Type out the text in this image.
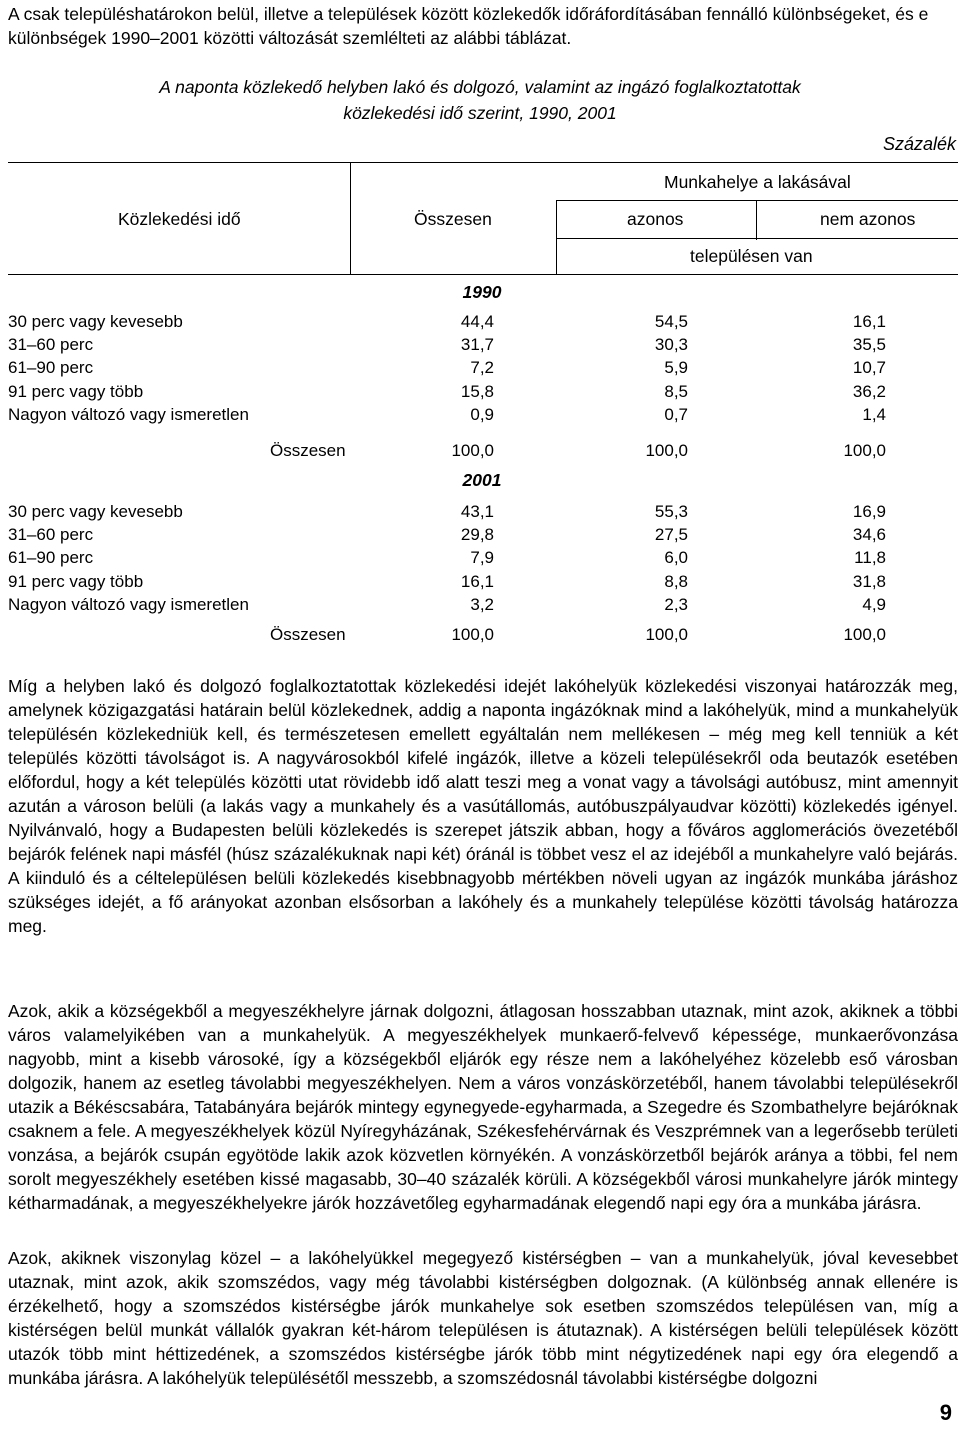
A csak településhatárokon belül, illetve a települések között közlekedők időráfordításában fennálló különbségeket, és e különbségek 1990–2001 közötti változását szemlélteti az alábbi táblázat.
A naponta közlekedő helyben lakó és dolgozó, valamint az ingázó foglalkoztatottak
közlekedési idő szerint, 1990, 2001
Százalék
Közlekedési idő	Összesen
Munkahelye a lakásával
azonos	nem azonos
településen van
1990
30 perc vagy kevesebb	44,4	54,5	16,1
31–60 perc	31,7	30,3	35,5
61–90 perc	7,2	5,9	10,7
91 perc vagy több	15,8	8,5	36,2
Nagyon változó vagy ismeretlen	0,9	0,7	1,4
Összesen	100,0	100,0	100,0
2001
30 perc vagy kevesebb	43,1	55,3	16,9
31–60 perc	29,8	27,5	34,6
61–90 perc	7,9	6,0	11,8
91 perc vagy több	16,1	8,8	31,8
Nagyon változó vagy ismeretlen	3,2	2,3	4,9
Összesen	100,0	100,0	100,0

Míg a helyben lakó és dolgozó foglalkoztatottak közlekedési idejét lakóhelyük közlekedési viszonyai határozzák meg, amelynek közigazgatási határain belül közlekednek, addig a naponta ingázóknak mind a lakóhelyük, mind a munkahelyük településén közlekedniük kell, és természetesen emellett egyáltalán nem mellékesen – még meg kell tenniük a két település közötti távolságot is. A nagyvárosokból kifelé ingázók, illetve a közeli településekről oda beutazók esetében előfordul, hogy a két település közötti utat rövidebb idő alatt teszi meg a vonat vagy a távolsági autóbusz, mint amennyit azután a városon belüli (a lakás vagy a munkahely és a vasútállomás, autóbuszpályaudvar közötti) közlekedés igényel. Nyilvánvaló, hogy a Budapesten belüli közlekedés is szerepet játszik abban, hogy a főváros agglomerációs övezetéből bejárók felének napi másfél (húsz százalékuknak napi két) óránál is többet vesz el az idejéből a munkahelyre való bejárás. A kiinduló és a céltelepülésen belüli közlekedés kisebbnagyobb mértékben növeli ugyan az ingázók munkába járáshoz szükséges idejét, a fő arányokat azonban elsősorban a lakóhely és a munkahely települése közötti távolság határozza meg.

Azok, akik a községekből a megyeszékhelyre járnak dolgozni, átlagosan hosszabban utaznak, mint azok, akiknek a többi város valamelyikében van a munkahelyük. A megyeszékhelyek munkaerő-felvevő képessége, munkaerővonzása nagyobb, mint a kisebb városoké, így a községekből eljárók egy része nem a lakóhelyéhez közelebb eső városban dolgozik, hanem az esetleg távolabbi megyeszékhelyen. Nem a város vonzáskörzetéből, hanem távolabbi településekről utazik a Békéscsabára, Tatabányára bejárók mintegy egynegyede-egyharmada, a Szegedre és Szombathelyre bejáróknak csaknem a fele. A megyeszékhelyek közül Nyíregyházának, Székesfehérvárnak és Veszprémnek van a legerősebb területi vonzása, a bejárók csupán egyötöde lakik azok közvetlen környékén. A vonzáskörzetből bejárók aránya a többi, fel nem sorolt megyeszékhely esetében kissé magasabb, 30–40 százalék körüli. A községekből városi munkahelyre járók mintegy kétharmadának, a megyeszékhelyekre járók hozzávetőleg egyharmadának elegendő napi egy óra a munkába járásra.

Azok, akiknek viszonylag közel – a lakóhelyükkel megegyező kistérségben – van a munkahelyük, jóval kevesebbet utaznak, mint azok, akik szomszédos, vagy még távolabbi kistérségben dolgoznak. (A különbség annak ellenére is érzékelhető, hogy a szomszédos kistérségbe járók munkahelye sok esetben szomszédos településen van, míg a kistérségen belül munkát vállalók gyakran két-három településen is átutaznak). A kistérségen belüli települések között utazók több mint héttizedének, a szomszédos kistérségbe járók több mint négytizedének napi egy óra elegendő a munkába járásra. A lakóhelyük településétől messzebb, a szomszédosnál távolabbi kistérségbe dolgozni

9
